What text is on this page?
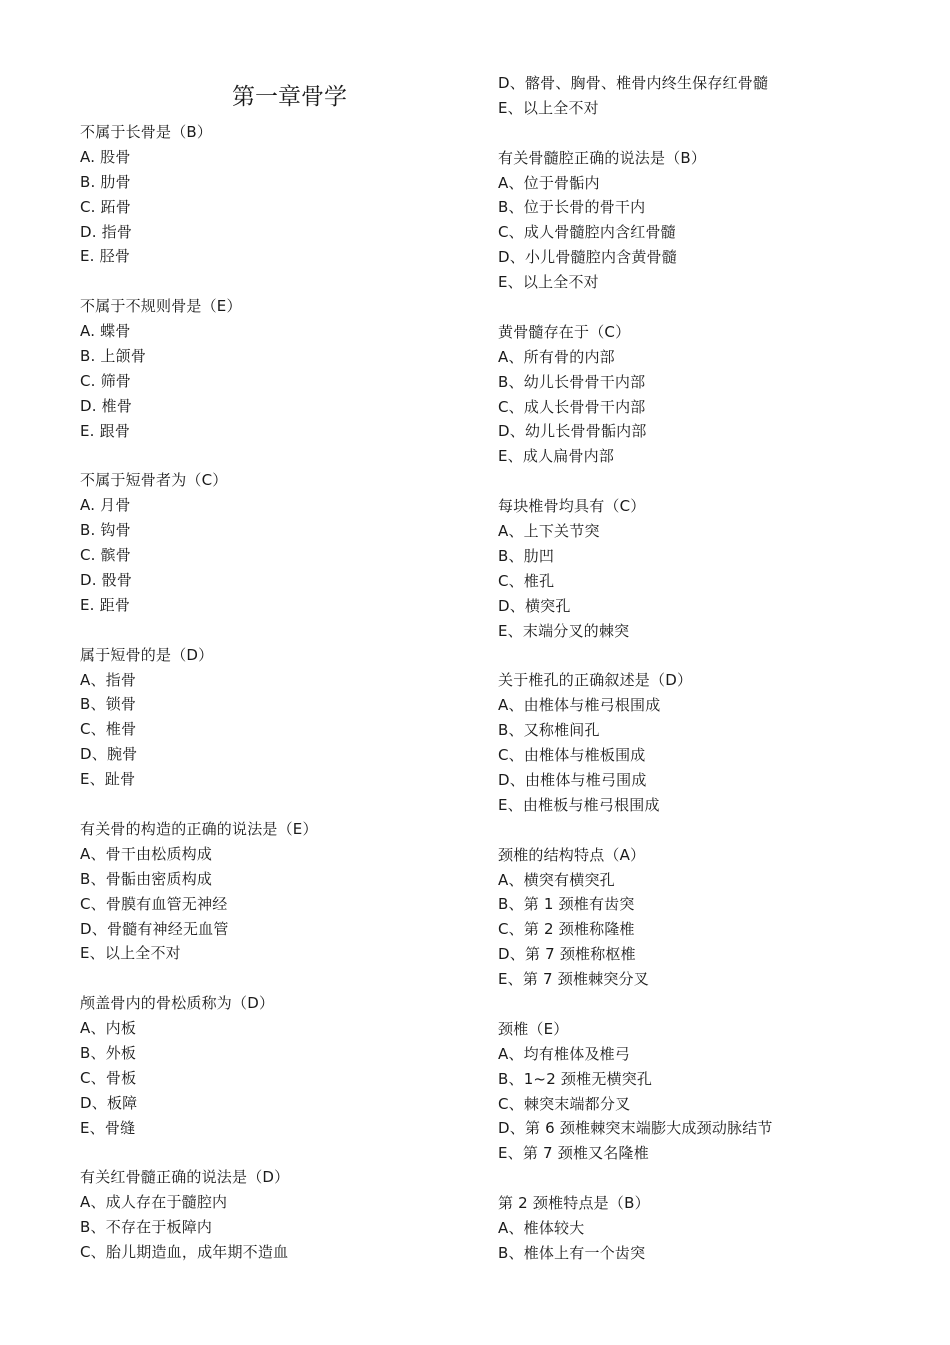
第一章骨学
不属于长骨是（B）
A. 股骨
B. 肋骨
C. 跖骨
D. 指骨
E. 胫骨
不属于不规则骨是（E）
A. 蝶骨
B. 上颌骨
C. 筛骨
D. 椎骨
E. 跟骨
不属于短骨者为（C）
A. 月骨
B. 钩骨
C. 髌骨
D. 骰骨
E. 距骨
属于短骨的是（D）
A、指骨
B、锁骨
C、椎骨
D、腕骨
E、趾骨
有关骨的构造的正确的说法是（E）
A、骨干由松质构成
B、骨骺由密质构成
C、骨膜有血管无神经
D、骨髓有神经无血管
E、以上全不对
颅盖骨内的骨松质称为（D）
A、内板
B、外板
C、骨板
D、板障
E、骨缝
有关红骨髓正确的说法是（D）
A、成人存在于髓腔内
B、不存在于板障内
C、胎儿期造血，成年期不造血
D、髂骨、胸骨、椎骨内终生保存红骨髓
E、以上全不对
有关骨髓腔正确的说法是（B）
A、位于骨骺内
B、位于长骨的骨干内
C、成人骨髓腔内含红骨髓
D、小儿骨髓腔内含黄骨髓
E、以上全不对
黄骨髓存在于（C）
A、所有骨的内部
B、幼儿长骨骨干内部
C、成人长骨骨干内部
D、幼儿长骨骨骺内部
E、成人扁骨内部
每块椎骨均具有（C）
A、上下关节突
B、肋凹
C、椎孔
D、横突孔
E、末端分叉的棘突
关于椎孔的正确叙述是（D）
A、由椎体与椎弓根围成
B、又称椎间孔
C、由椎体与椎板围成
D、由椎体与椎弓围成
E、由椎板与椎弓根围成
颈椎的结构特点（A）
A、横突有横突孔
B、第 1 颈椎有齿突
C、第 2 颈椎称隆椎
D、第 7 颈椎称枢椎
E、第 7 颈椎棘突分叉
颈椎（E）
A、均有椎体及椎弓
B、1~2 颈椎无横突孔
C、棘突末端都分叉
D、第 6 颈椎棘突末端膨大成颈动脉结节
E、第 7 颈椎又名隆椎
第 2 颈椎特点是（B）
A、椎体较大
B、椎体上有一个齿突
